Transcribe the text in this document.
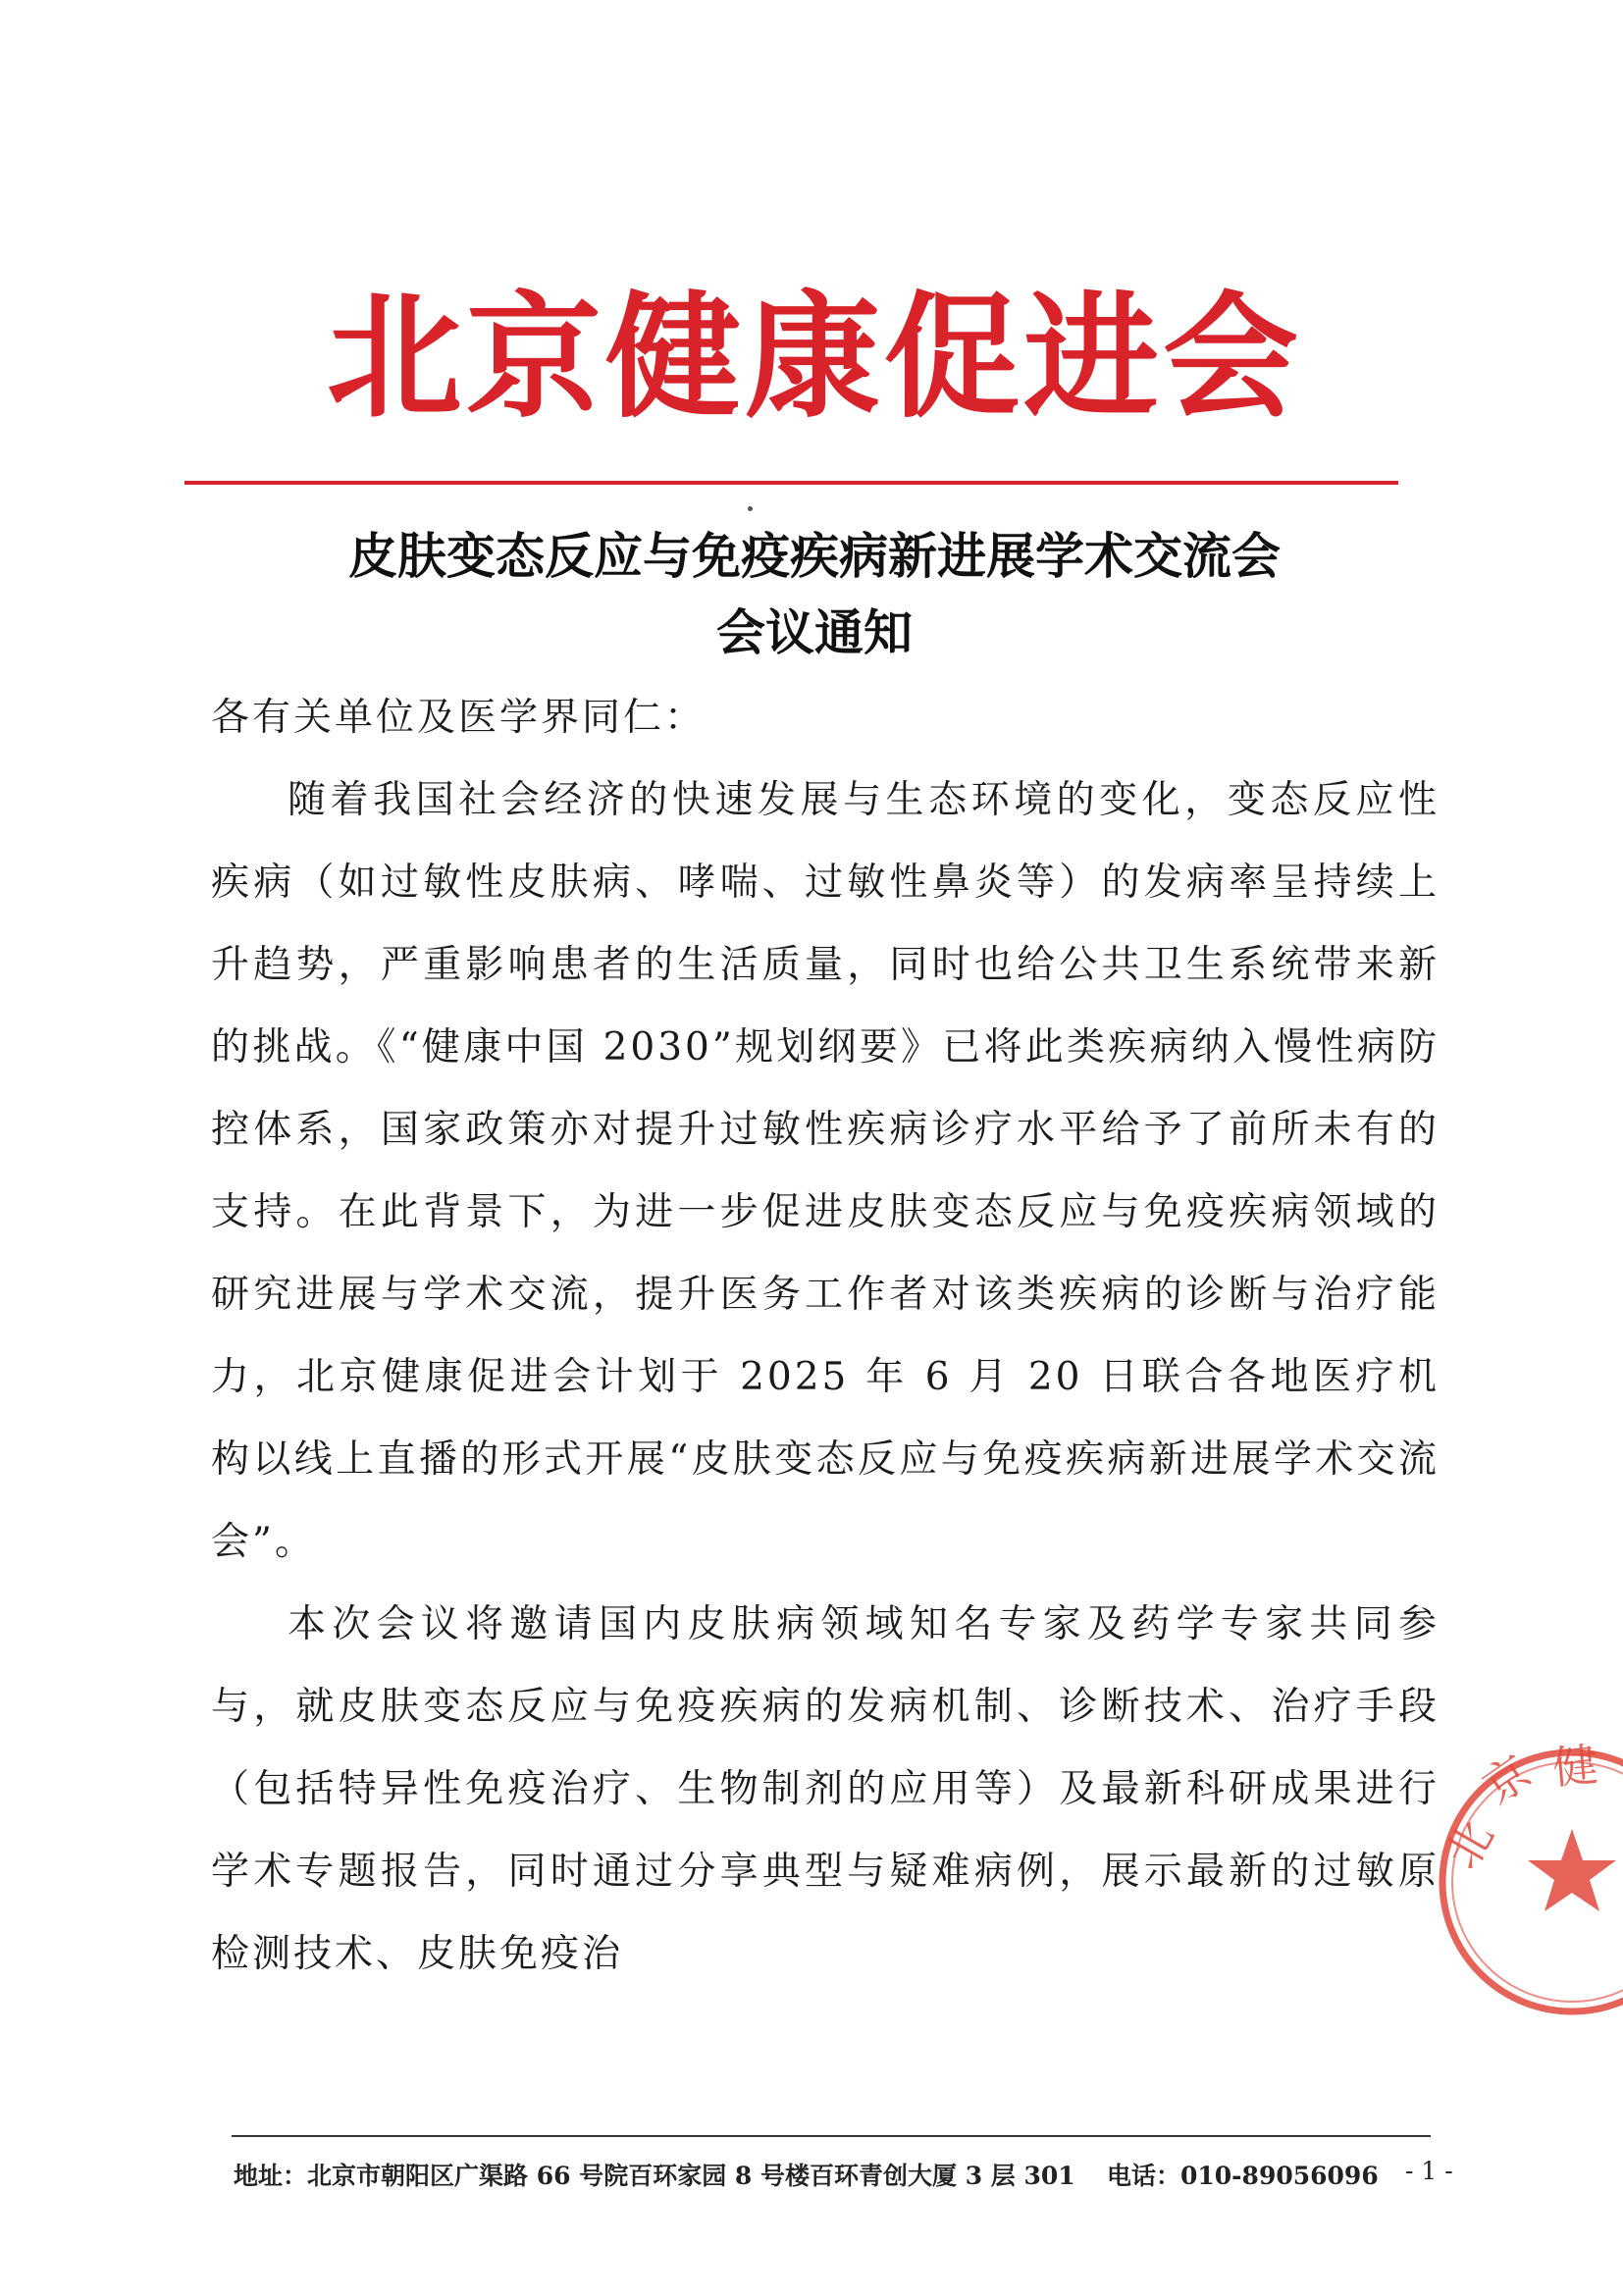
北京健康促进会
皮肤变态反应与免疫疾病新进展学术交流会
会议通知

各有关单位及医学界同仁：

随着我国社会经济的快速发展与生态环境的变化，变态反应性疾病（如过敏性皮肤病、哮喘、过敏性鼻炎等）的发病率呈持续上升趋势，严重影响患者的生活质量，同时也给公共卫生系统带来新的挑战。《“健康中国 2030”规划纲要》已将此类疾病纳入慢性病防控体系，国家政策亦对提升过敏性疾病诊疗水平给予了前所未有的支持。在此背景下，为进一步促进皮肤变态反应与免疫疾病领域的研究进展与学术交流，提升医务工作者对该类疾病的诊断与治疗能力，北京健康促进会计划于 2025 年 6 月 20 日联合各地医疗机构以线上直播的形式开展“皮肤变态反应与免疫疾病新进展学术交流会”。

本次会议将邀请国内皮肤病领域知名专家及药学专家共同参与，就皮肤变态反应与免疫疾病的发病机制、诊断技术、治疗手段（包括特异性免疫治疗、生物制剂的应用等）及最新科研成果进行学术专题报告，同时通过分享典型与疑难病例，展示最新的过敏原检测技术、皮肤免疫治

北
京 健
地址：北京市朝阳区广渠路 66 号院百环家园 8 号楼百环青创大厦 3 层 301 电话：010-89056096 - 1 -
